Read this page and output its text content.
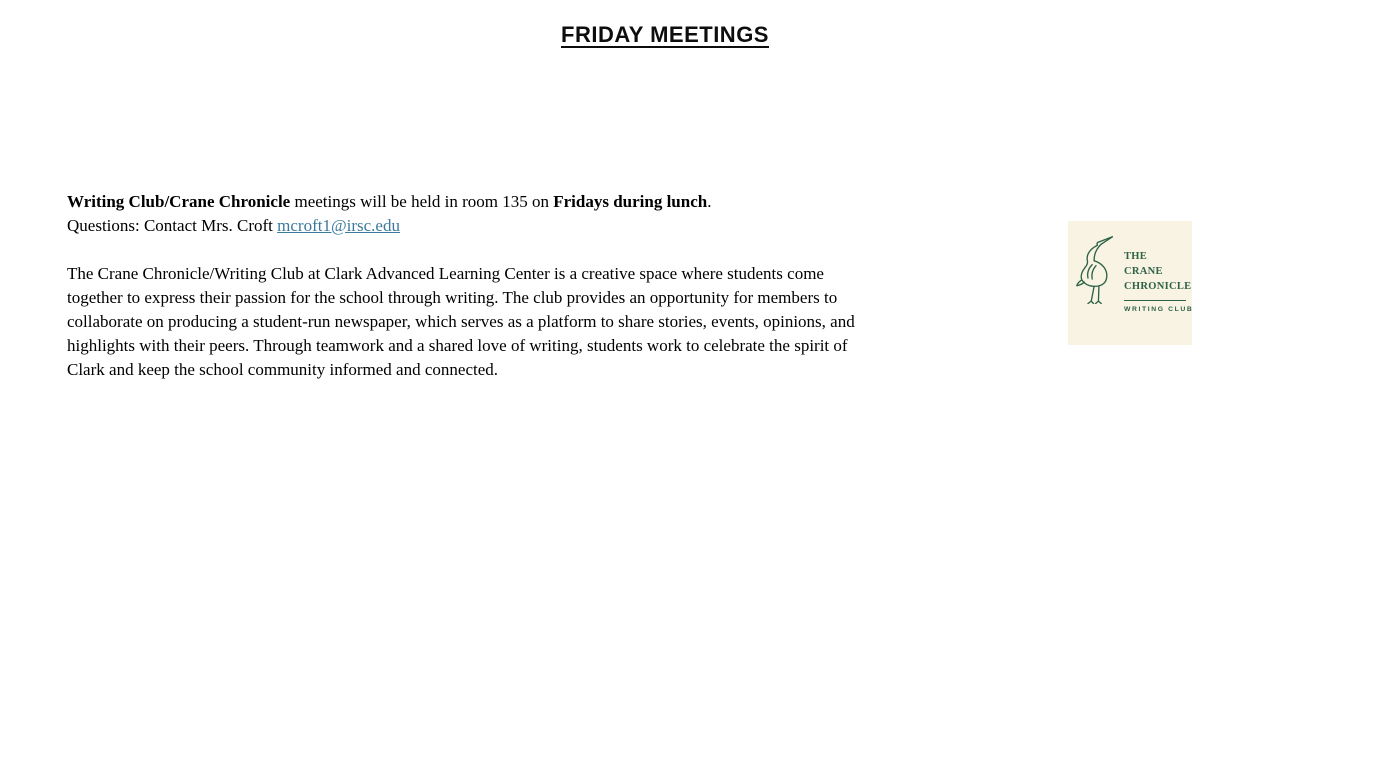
FRIDAY MEETINGS

Writing Club/Crane Chronicle meetings will be held in room 135 on Fridays during lunch.
Questions: Contact Mrs. Croft mcroft1@irsc.edu

The Crane Chronicle/Writing Club at Clark Advanced Learning Center is a creative space where students come together to express their passion for the school through writing. The club provides an opportunity for members to collaborate on producing a student-run newspaper, which serves as a platform to share stories, events, opinions, and highlights with their peers. Through teamwork and a shared love of writing, students work to celebrate the spirit of Clark and keep the school community informed and connected.

THE
CRANE
CHRONICLE
WRITING CLUB
